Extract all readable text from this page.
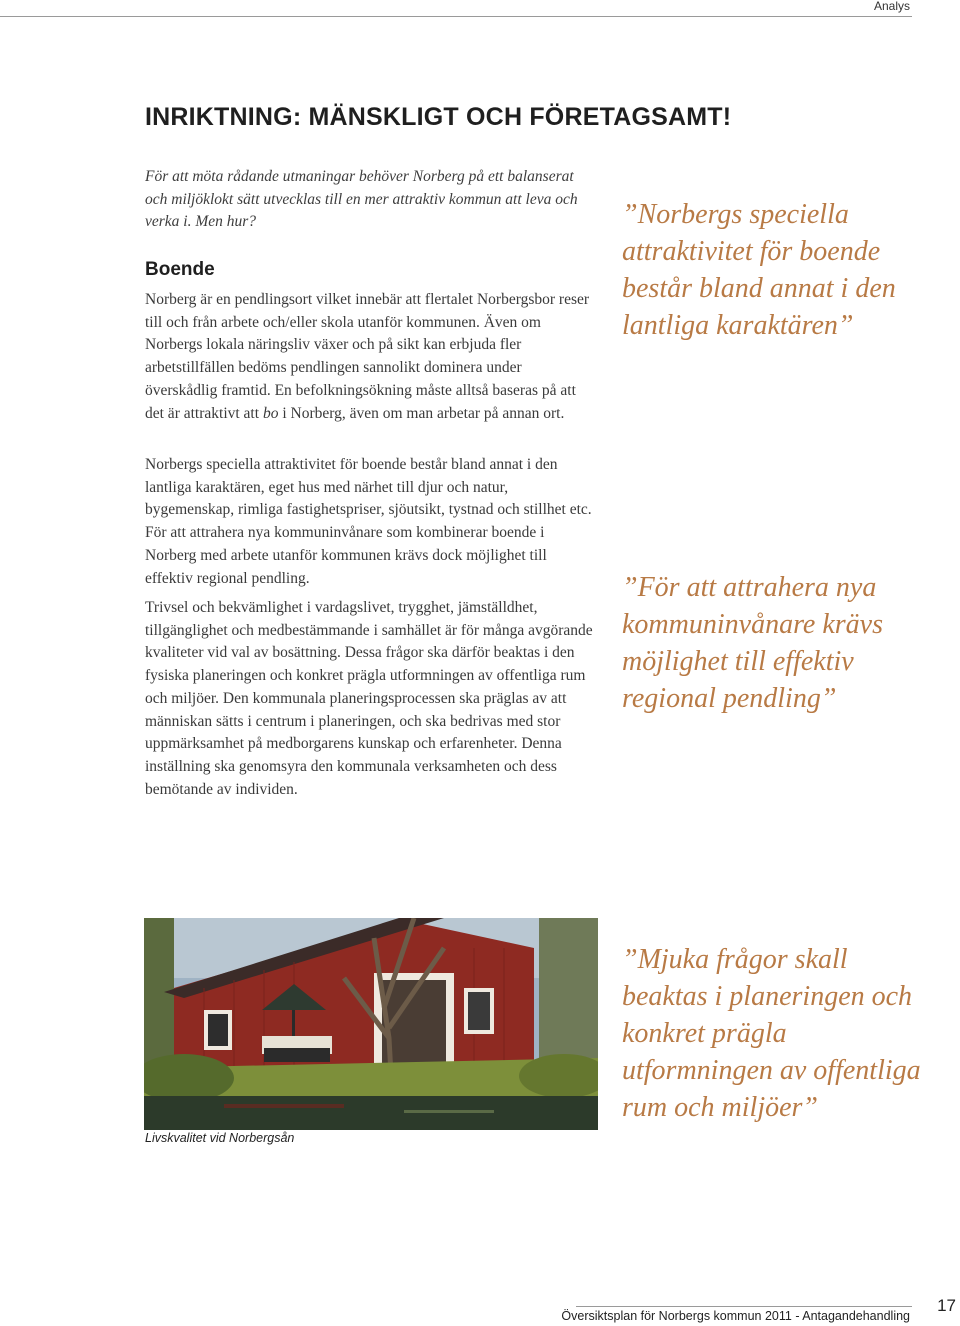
Analys
INRIKTNING: MÄNSKLIGT OCH FÖRETAGSAMT!

För att möta rådande utmaningar behöver Norberg på ett balanserat och miljöklokt sätt utvecklas till en mer attraktiv kommun att leva och verka i. Men hur?

Boende

Norberg är en pendlingsort vilket innebär att flertalet Norbergsbor reser till och från arbete och/eller skola utanför kommunen. Även om Norbergs lokala näringsliv växer och på sikt kan erbjuda fler arbetstillfällen bedöms pendlingen sannolikt dominera under överskådlig framtid. En befolkningsökning måste alltså baseras på att det är attraktivt att bo i Norberg, även om man arbetar på annan ort.

Norbergs speciella attraktivitet för boende består bland annat i den lantliga karaktären, eget hus med närhet till djur och natur, bygemenskap, rimliga fastighetspriser, sjöutsikt, tystnad och stillhet etc. För att attrahera nya kommuninvånare som kombinerar boende i Norberg med arbete utanför kommunen krävs dock möjlighet till effektiv regional pendling.

Trivsel och bekvämlighet i vardagslivet, trygghet, jämställdhet, tillgänglighet och medbestämmande i samhället är för många avgörande kvaliteter vid val av bosättning. Dessa frågor ska därför beaktas i den fysiska planeringen och konkret prägla utformningen av offentliga rum och miljöer. Den kommunala planeringsprocessen ska präglas av att människan sätts i centrum i planeringen, och ska bedrivas med stor uppmärksamhet på medborgarens kunskap och erfarenheter. Denna inställning ska genomsyra den kommunala verksamheten och dess bemötande av individen.

”Norbergs speciella attraktivitet för boende består bland annat i den lantliga karaktären”

”För att attrahera nya kommuninvånare krävs möjlighet till effektiv regional pendling”

”Mjuka frågor skall beaktas i planeringen och konkret prägla utformningen av offentliga rum och miljöer”

Livskvalitet vid Norbergsån
Översiktsplan för Norbergs kommun 2011 - Antagandehandling
17
